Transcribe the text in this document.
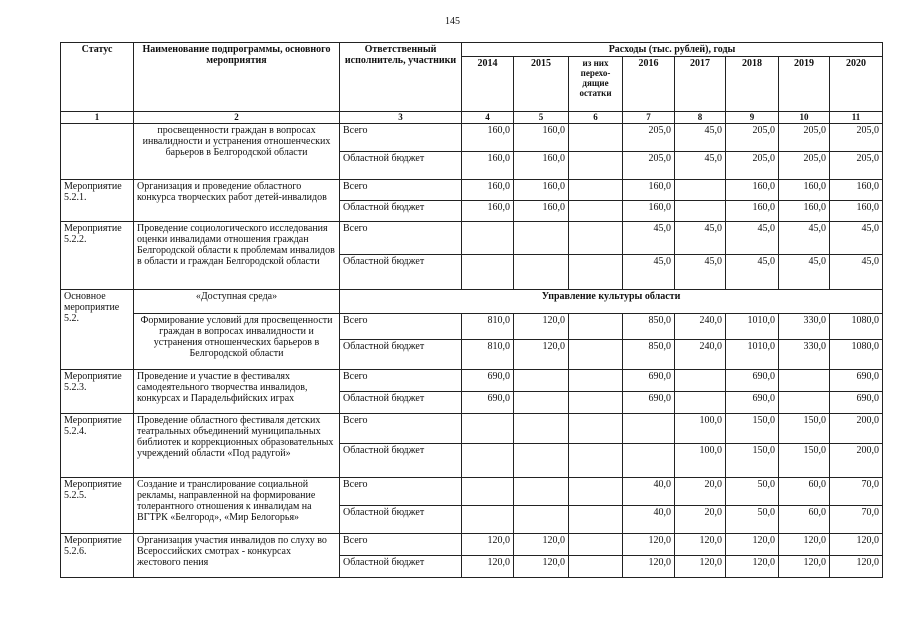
145
Статус	Наименование подпрограммы, основного мероприятия	Ответственный исполнитель, участники	Расходы (тыс. рублей), годы							
			2014	2015	из них перехо-дящие остатки	2016	2017	2018	2019	2020
1	2	3	4	5	6	7	8	9	10	11
	просвещенности граждан в вопросах инвалидности и устранения отношенческих барьеров в Белгородской области	Всего	160,0	160,0		205,0	45,0	205,0	205,0	205,0
		Областной бюджет	160,0	160,0		205,0	45,0	205,0	205,0	205,0
Мероприятие 5.2.1.	Организация и проведение областного конкурса творческих работ детей-инвалидов	Всего	160,0	160,0		160,0		160,0	160,0	160,0
		Областной бюджет	160,0	160,0		160,0		160,0	160,0	160,0
Мероприятие 5.2.2.	Проведение социологического исследования оценки инвалидами отношения граждан Белгородской области к проблемам инвалидов в области и граждан Белгородской области	Всего				45,0	45,0	45,0	45,0	45,0
		Областной бюджет				45,0	45,0	45,0	45,0	45,0
Основное мероприятие 5.2.	«Доступная среда»	Управление культуры области								
	Формирование условий для просвещенности граждан в вопросах инвалидности и устранения отношенческих барьеров в Белгородской области	Всего	810,0	120,0		850,0	240,0	1010,0	330,0	1080,0
		Областной бюджет	810,0	120,0		850,0	240,0	1010,0	330,0	1080,0
Мероприятие 5.2.3.	Проведение и участие в фестивалях самодеятельного творчества инвалидов, конкурсах и Парадельфийских играх	Всего	690,0			690,0		690,0		690,0
		Областной бюджет	690,0			690,0		690,0		690,0
Мероприятие 5.2.4.	Проведение областного фестиваля детских театральных объединений муниципальных библиотек и коррекционных образовательных учреждений области «Под радугой»	Всего					100,0	150,0	150,0	200,0
		Областной бюджет					100,0	150,0	150,0	200,0
Мероприятие 5.2.5.	Создание и транслирование социальной рекламы, направленной на формирование толерантного отношения к инвалидам на ВГТРК «Белгород», «Мир Белогорья»	Всего				40,0	20,0	50,0	60,0	70,0
		Областной бюджет				40,0	20,0	50,0	60,0	70,0
Мероприятие 5.2.6.	Организация участия инвалидов по слуху во Всероссийских смотрах - конкурсах жестового пения	Всего	120,0	120,0		120,0	120,0	120,0	120,0	120,0
		Областной бюджет	120,0	120,0		120,0	120,0	120,0	120,0	120,0
